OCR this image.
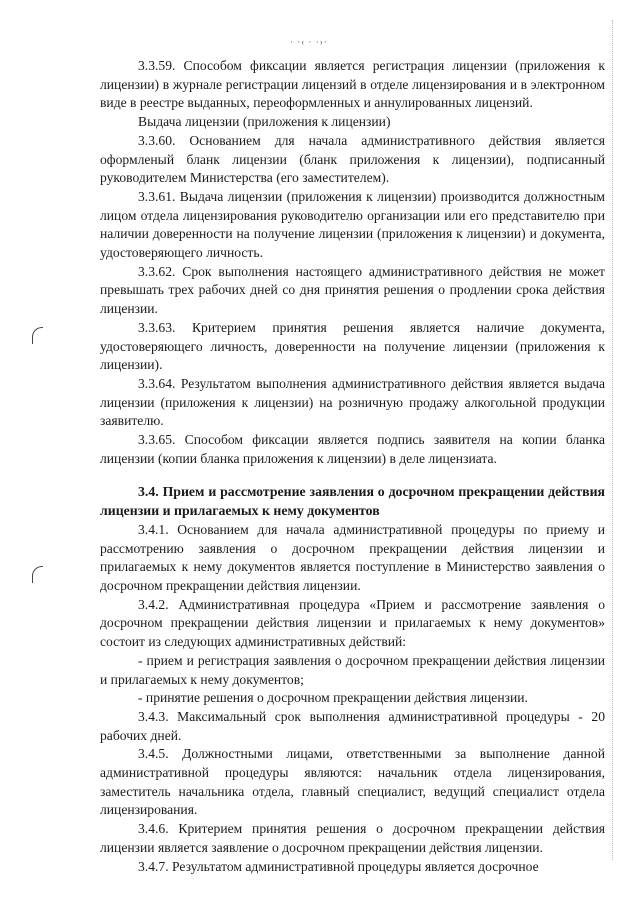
· ·‹ · ·›·

3.3.59. Способом фиксации является регистрация лицензии (приложения к лицензии) в журнале регистрации лицензий в отделе лицензирования и в электронном виде в реестре выданных, переоформленных и аннулированных лицензий.

Выдача лицензии (приложения к лицензии)

3.3.60. Основанием для начала административного действия является оформленый бланк лицензии (бланк приложения к лицензии), подписанный руководителем Министерства (его заместителем).

3.3.61. Выдача лицензии (приложения к лицензии) производится должностным лицом отдела лицензирования руководителю организации или его представителю при наличии доверенности на получение лицензии (приложения к лицензии) и документа, удостоверяющего личность.

3.3.62. Срок выполнения настоящего административного действия не может превышать трех рабочих дней со дня принятия решения о продлении срока действия лицензии.

3.3.63. Критерием принятия решения является наличие документа, удостоверяющего личность, доверенности на получение лицензии (приложения к лицензии).

3.3.64. Результатом выполнения административного действия является выдача лицензии (приложения к лицензии) на розничную продажу алкогольной продукции заявителю.

3.3.65. Способом фиксации является подпись заявителя на копии бланка лицензии (копии бланка приложения к лицензии) в деле лицензиата.

3.4. Прием и рассмотрение заявления о досрочном прекращении действия лицензии и прилагаемых к нему документов

3.4.1. Основанием для начала административной процедуры по приему и рассмотрению заявления о досрочном прекращении действия лицензии и прилагаемых к нему документов является поступление в Министерство заявления о досрочном прекращении действия лицензии.

3.4.2. Административная процедура «Прием и рассмотрение заявления о досрочном прекращении действия лицензии и прилагаемых к нему документов» состоит из следующих административных действий:

- прием и регистрация заявления о досрочном прекращении действия лицензии и прилагаемых к нему документов;

- принятие решения о досрочном прекращении действия лицензии.

3.4.3. Максимальный срок выполнения административной процедуры - 20 рабочих дней.

3.4.5. Должностными лицами, ответственными за выполнение данной административной процедуры являются: начальник отдела лицензирования, заместитель начальника отдела, главный специалист, ведущий специалист отдела лицензирования.

3.4.6. Критерием принятия решения о досрочном прекращении действия лицензии является заявление о досрочном прекращении действия лицензии.

3.4.7. Результатом административной процедуры является досрочное
